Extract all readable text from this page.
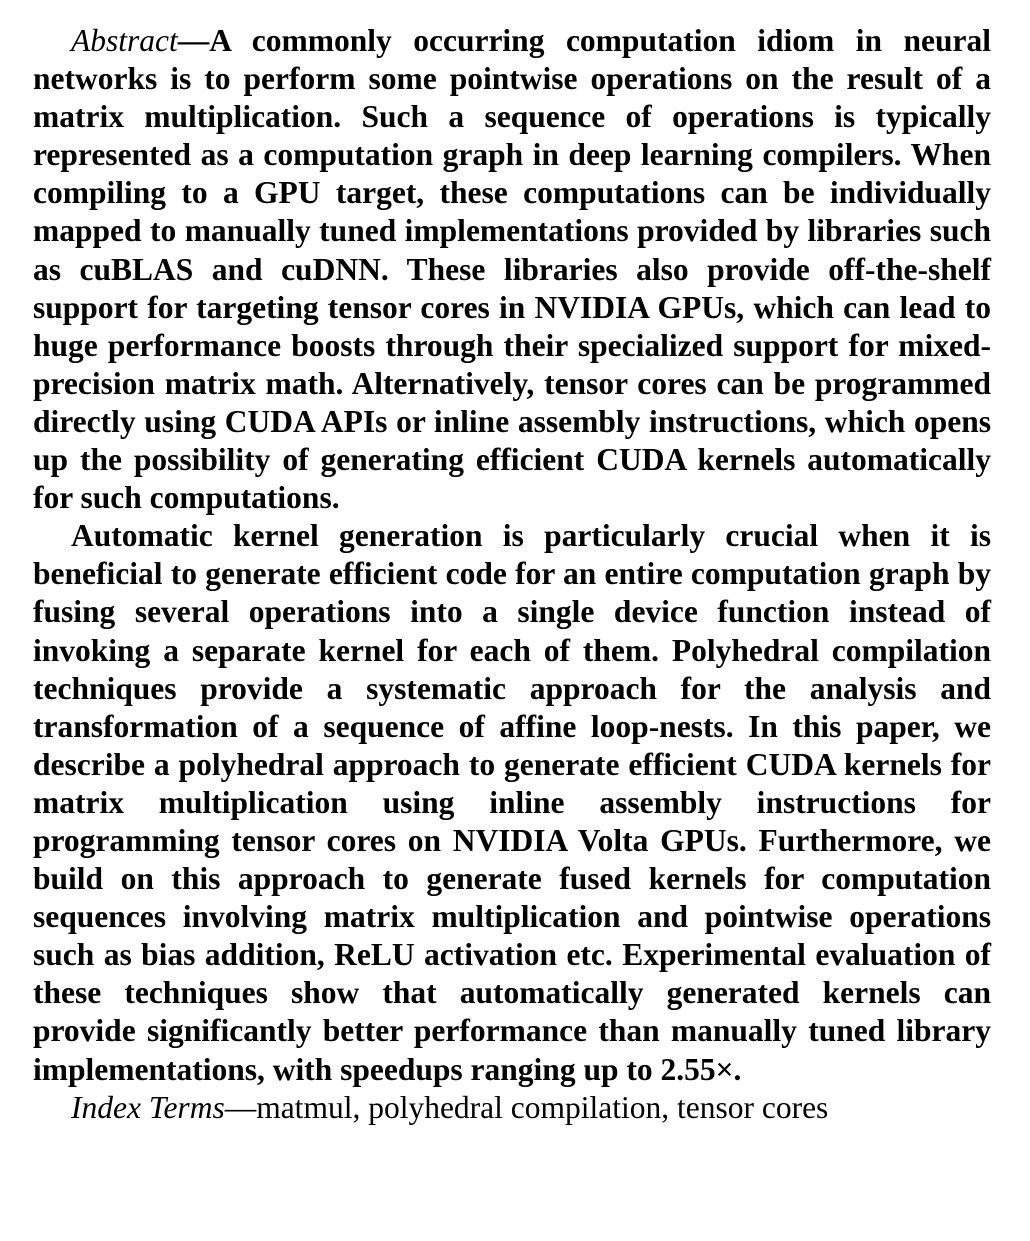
Abstract—A commonly occurring computation idiom in neural networks is to perform some pointwise operations on the result of a matrix multiplication. Such a sequence of operations is typically represented as a computation graph in deep learning compilers. When compiling to a GPU target, these computations can be individually mapped to manually tuned implementations provided by libraries such as cuBLAS and cuDNN. These libraries also provide off-the-shelf support for targeting tensor cores in NVIDIA GPUs, which can lead to huge performance boosts through their specialized support for mixed-precision matrix math. Alternatively, tensor cores can be programmed directly using CUDA APIs or inline assembly instructions, which opens up the possibility of generating efficient CUDA kernels automatically for such computations.

Automatic kernel generation is particularly crucial when it is beneficial to generate efficient code for an entire computation graph by fusing several operations into a single device function instead of invoking a separate kernel for each of them. Polyhedral compilation techniques provide a systematic approach for the analysis and transformation of a sequence of affine loop-nests. In this paper, we describe a polyhedral approach to generate efficient CUDA kernels for matrix multiplication using inline assembly instructions for programming tensor cores on NVIDIA Volta GPUs. Furthermore, we build on this approach to generate fused kernels for computation sequences involving matrix multiplication and pointwise operations such as bias addition, ReLU activation etc. Experimental evaluation of these techniques show that automatically generated kernels can provide significantly better performance than manually tuned library implementations, with speedups ranging up to 2.55×.

Index Terms—matmul, polyhedral compilation, tensor cores
